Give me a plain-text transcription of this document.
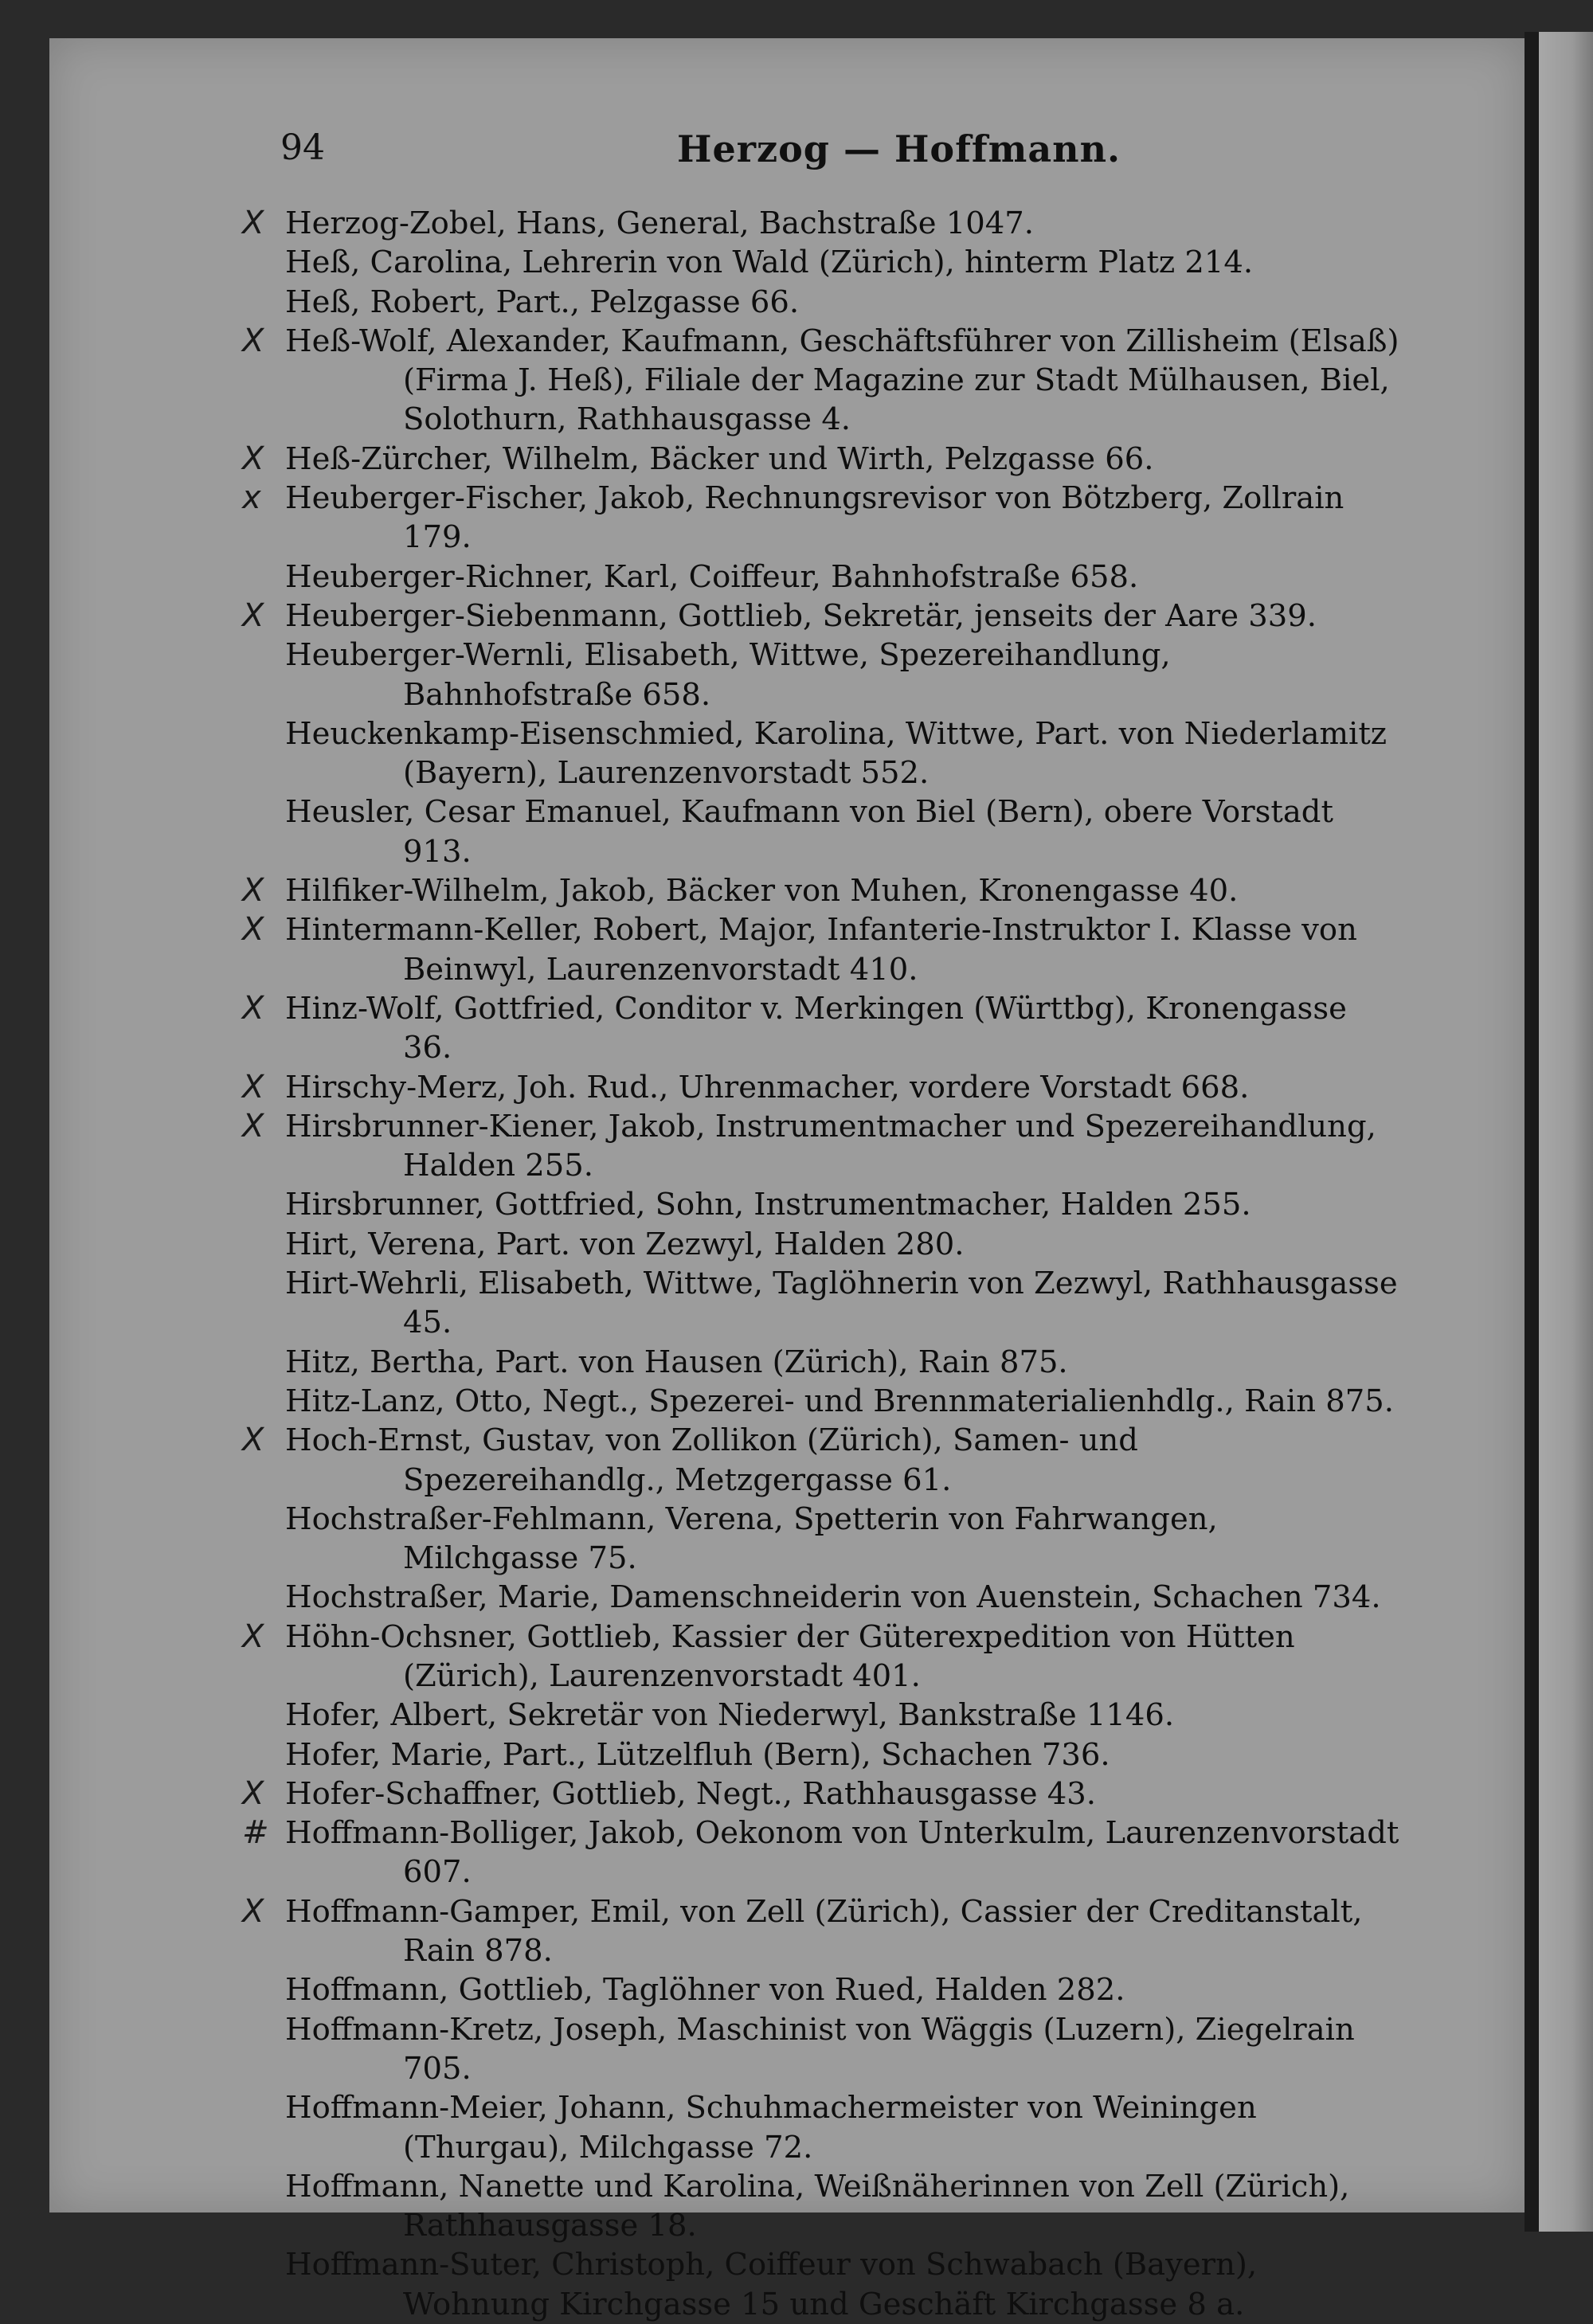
94	Herzog — Hoffmann.
X Herzog-Zobel, Hans, General, Bachstraße 1047.
Heß, Carolina, Lehrerin von Wald (Zürich), hinterm Platz 214.
Heß, Robert, Part., Pelzgasse 66.
X Heß-Wolf, Alexander, Kaufmann, Geschäftsführer von Zillisheim (Elsaß) (Firma J. Heß), Filiale der Magazine zur Stadt Mülhausen, Biel, Solothurn, Rathhausgasse 4.
X Heß-Zürcher, Wilhelm, Bäcker und Wirth, Pelzgasse 66.
x Heuberger-Fischer, Jakob, Rechnungsrevisor von Bötzberg, Zollrain 179.
Heuberger-Richner, Karl, Coiffeur, Bahnhofstraße 658.
X Heuberger-Siebenmann, Gottlieb, Sekretär, jenseits der Aare 339.
Heuberger-Wernli, Elisabeth, Wittwe, Spezereihandlung, Bahnhofstraße 658.
Heuckenkamp-Eisenschmied, Karolina, Wittwe, Part. von Niederlamitz (Bayern), Laurenzenvorstadt 552.
Heusler, Cesar Emanuel, Kaufmann von Biel (Bern), obere Vorstadt 913.
X Hilfiker-Wilhelm, Jakob, Bäcker von Muhen, Kronengasse 40.
X Hintermann-Keller, Robert, Major, Infanterie-Instruktor I. Klasse von Beinwyl, Laurenzenvorstadt 410.
X Hinz-Wolf, Gottfried, Conditor v. Merkingen (Württbg), Kronengasse 36.
X Hirschy-Merz, Joh. Rud., Uhrenmacher, vordere Vorstadt 668.
X Hirsbrunner-Kiener, Jakob, Instrumentmacher und Spezereihandlung, Halden 255.
Hirsbrunner, Gottfried, Sohn, Instrumentmacher, Halden 255.
Hirt, Verena, Part. von Zezwyl, Halden 280.
Hirt-Wehrli, Elisabeth, Wittwe, Taglöhnerin von Zezwyl, Rathhausgasse 45.
Hitz, Bertha, Part. von Hausen (Zürich), Rain 875.
Hitz-Lanz, Otto, Negt., Spezerei- und Brennmaterialienhdlg., Rain 875.
X Hoch-Ernst, Gustav, von Zollikon (Zürich), Samen- und Spezereihandlg., Metzgergasse 61.
Hochstraßer-Fehlmann, Verena, Spetterin von Fahrwangen, Milchgasse 75.
Hochstraßer, Marie, Damenschneiderin von Auenstein, Schachen 734.
X Höhn-Ochsner, Gottlieb, Kassier der Güterexpedition von Hütten (Zürich), Laurenzenvorstadt 401.
Hofer, Albert, Sekretär von Niederwyl, Bankstraße 1146.
Hofer, Marie, Part., Lützelfluh (Bern), Schachen 736.
X Hofer-Schaffner, Gottlieb, Negt., Rathhausgasse 43.
# Hoffmann-Bolliger, Jakob, Oekonom von Unterkulm, Laurenzenvorstadt 607.
X Hoffmann-Gamper, Emil, von Zell (Zürich), Cassier der Creditanstalt, Rain 878.
Hoffmann, Gottlieb, Taglöhner von Rued, Halden 282.
Hoffmann-Kretz, Joseph, Maschinist von Wäggis (Luzern), Ziegelrain 705.
Hoffmann-Meier, Johann, Schuhmachermeister von Weiningen (Thurgau), Milchgasse 72.
Hoffmann, Nanette und Karolina, Weißnäherinnen von Zell (Zürich), Rathhausgasse 18.
Hoffmann-Suter, Christoph, Coiffeur von Schwabach (Bayern), Wohnung Kirchgasse 15 und Geschäft Kirchgasse 8 a.
